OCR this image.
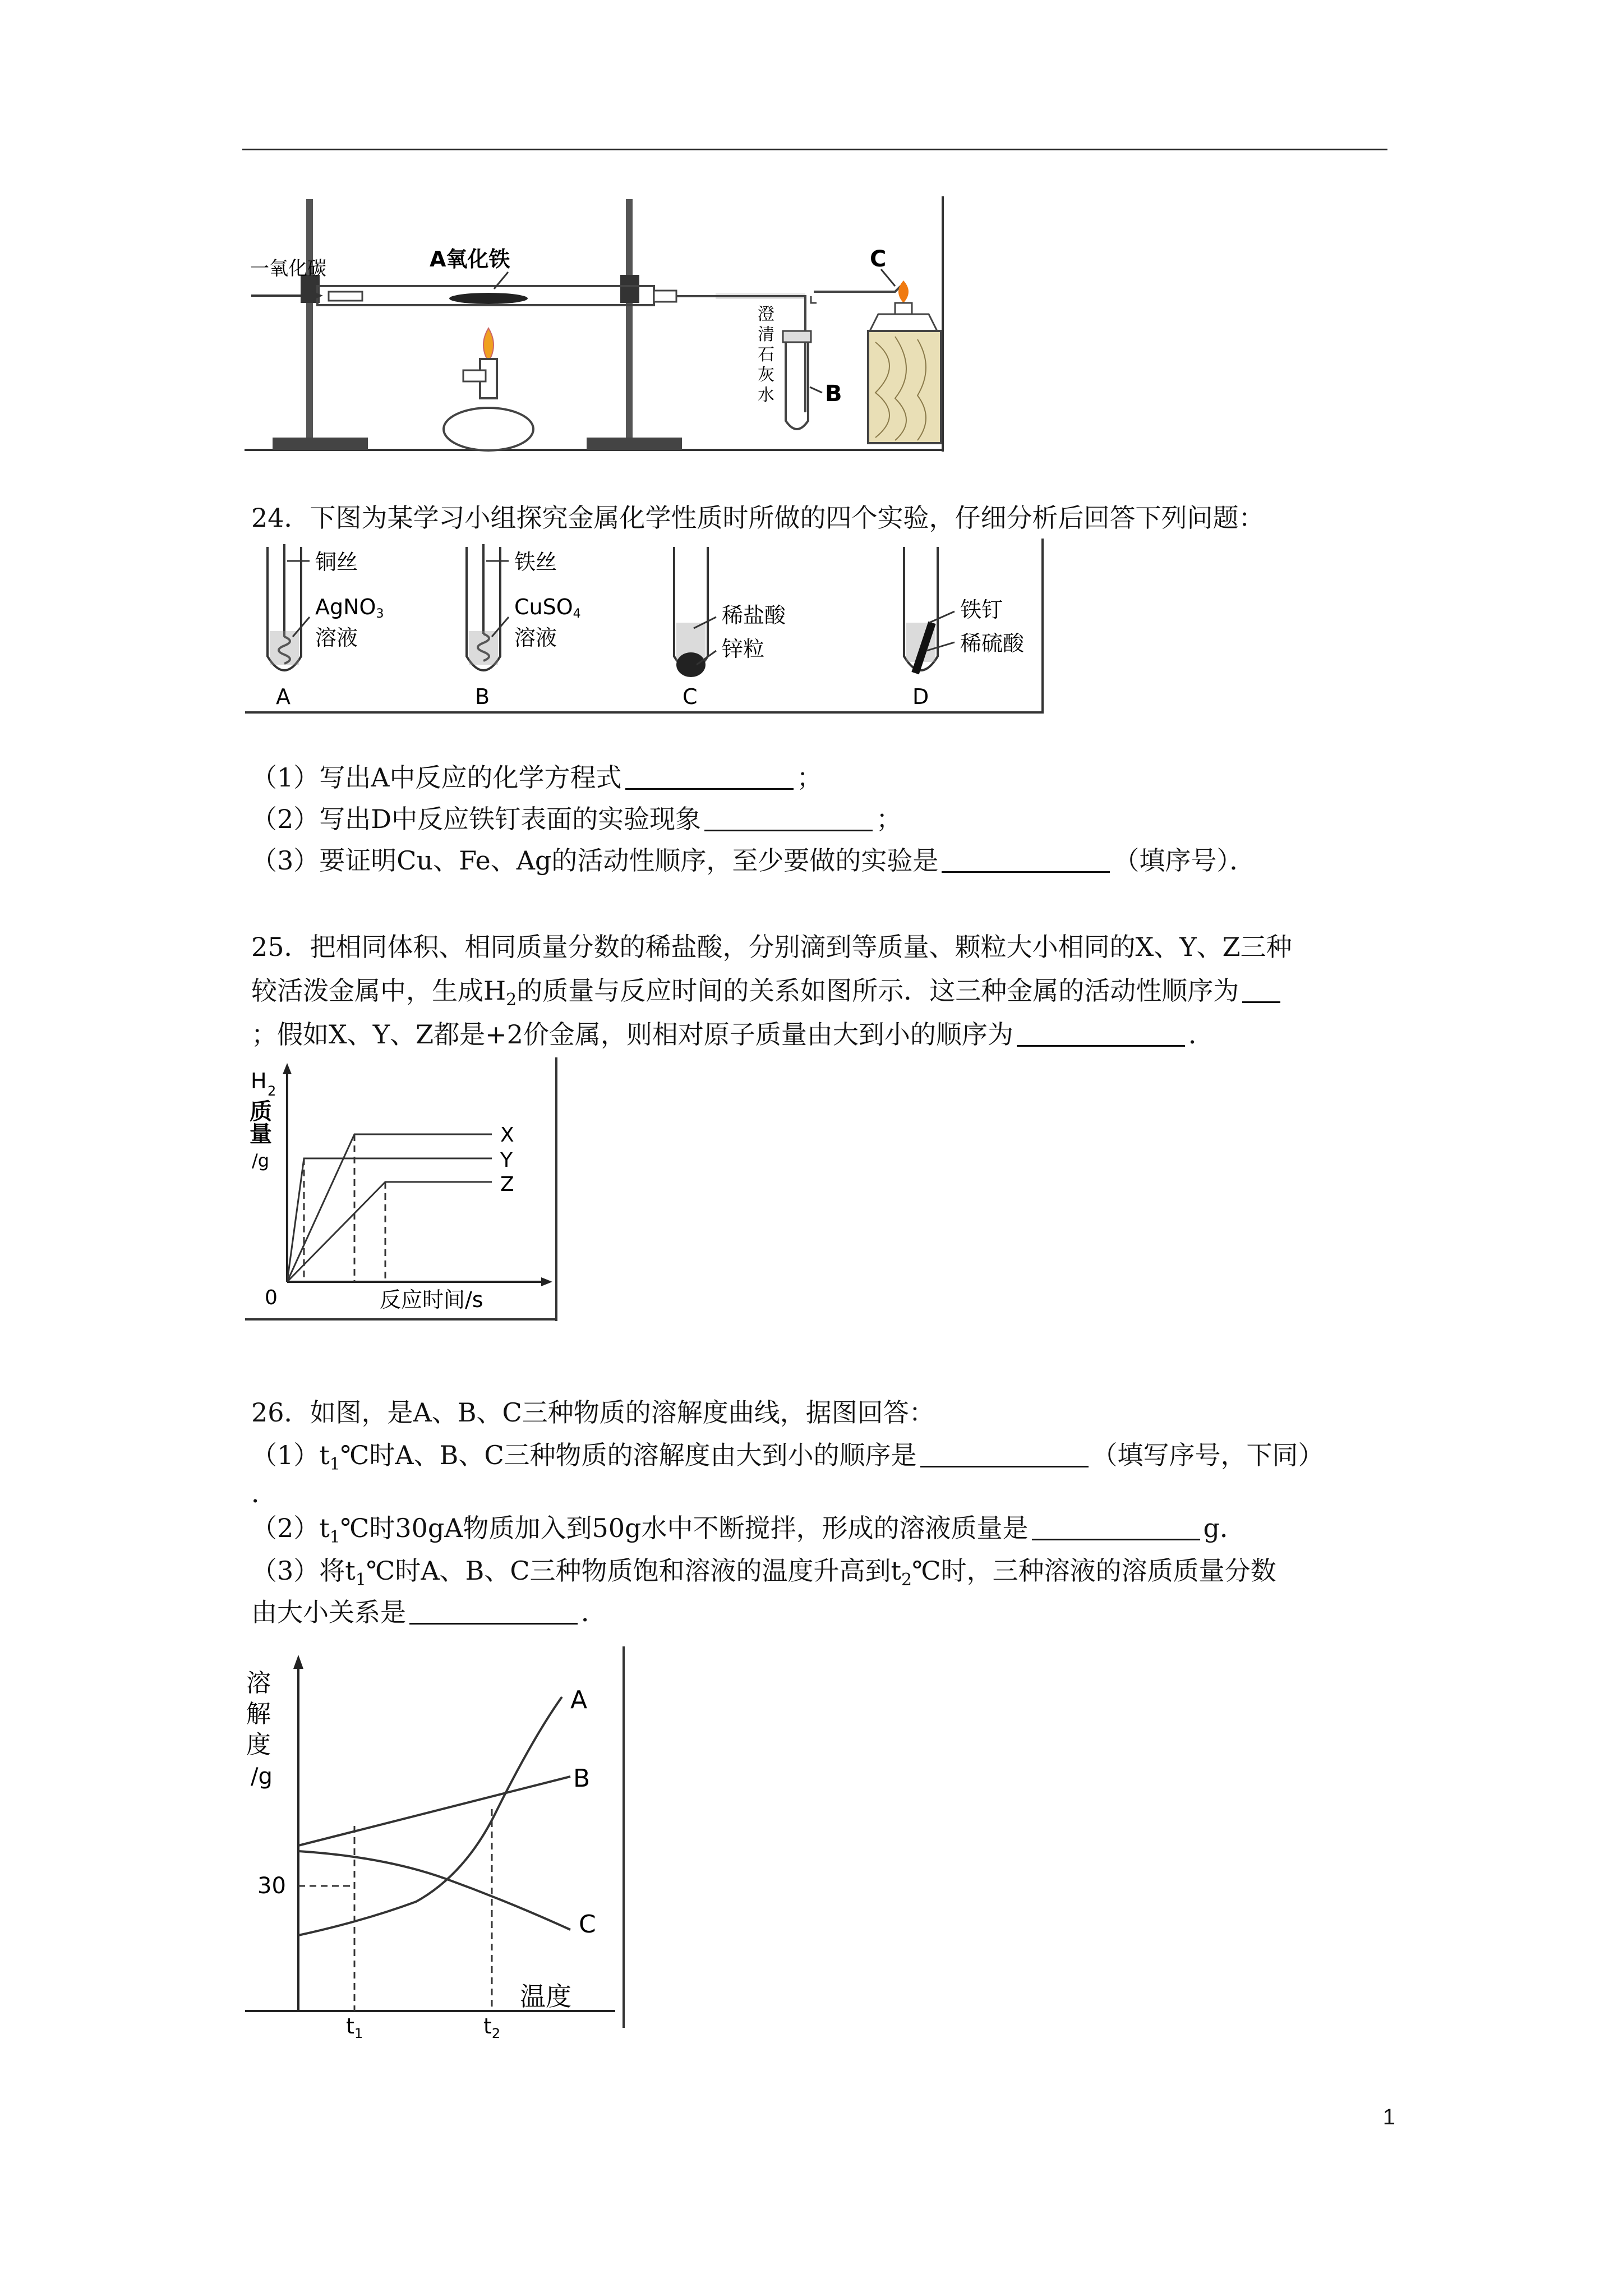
一氧化碳	A氧化铁
B
澄
清
石
灰
水
C
24．下图为某学习小组探究金属化学性质时所做的四个实验，仔细分析后回答下列问题：
铜丝
AgNO3
溶液
A
铁丝
CuSO4
溶液
B
稀盐酸
锌粒
C
铁钉
稀硫酸
D
（1）写出A中反应的化学方程式	；
（2）写出D中反应铁钉表面的实验现象	；
（3）要证明Cu、Fe、Ag的活动性顺序，至少要做的实验是	（填序号）．
25．把相同体积、相同质量分数的稀盐酸，分别滴到等质量、颗粒大小相同的X、Y、Z三种
较活泼金属中，生成$H_2$的质量与反应时间的关系如图所示．这三种金属的活动性顺序为
；假如X、Y、Z都是+2价金属，则相对原子质量由大到小的顺序为	．
H 2
质
量
/g
0	反应时间/s
X
Y
Z
26．如图，是A、B、C三种物质的溶解度曲线，据图回答：
$(1)t_1℃$时A、B、C三种物质的溶解度由大到小的顺序是	（填写序号，下同）
．
$(2)t_1℃$时30gA物质加入到50g水中不断搅拌，形成的溶液质量是	g．
（3）将$t_1℃$时A、B、C三种物质饱和溶液的温度升高到$t_2℃$时，三种溶液的溶质质量分数
由大小关系是	．
溶
解
度
/g
30
$t_1$	$t_2$
温度
A
B
C
1
